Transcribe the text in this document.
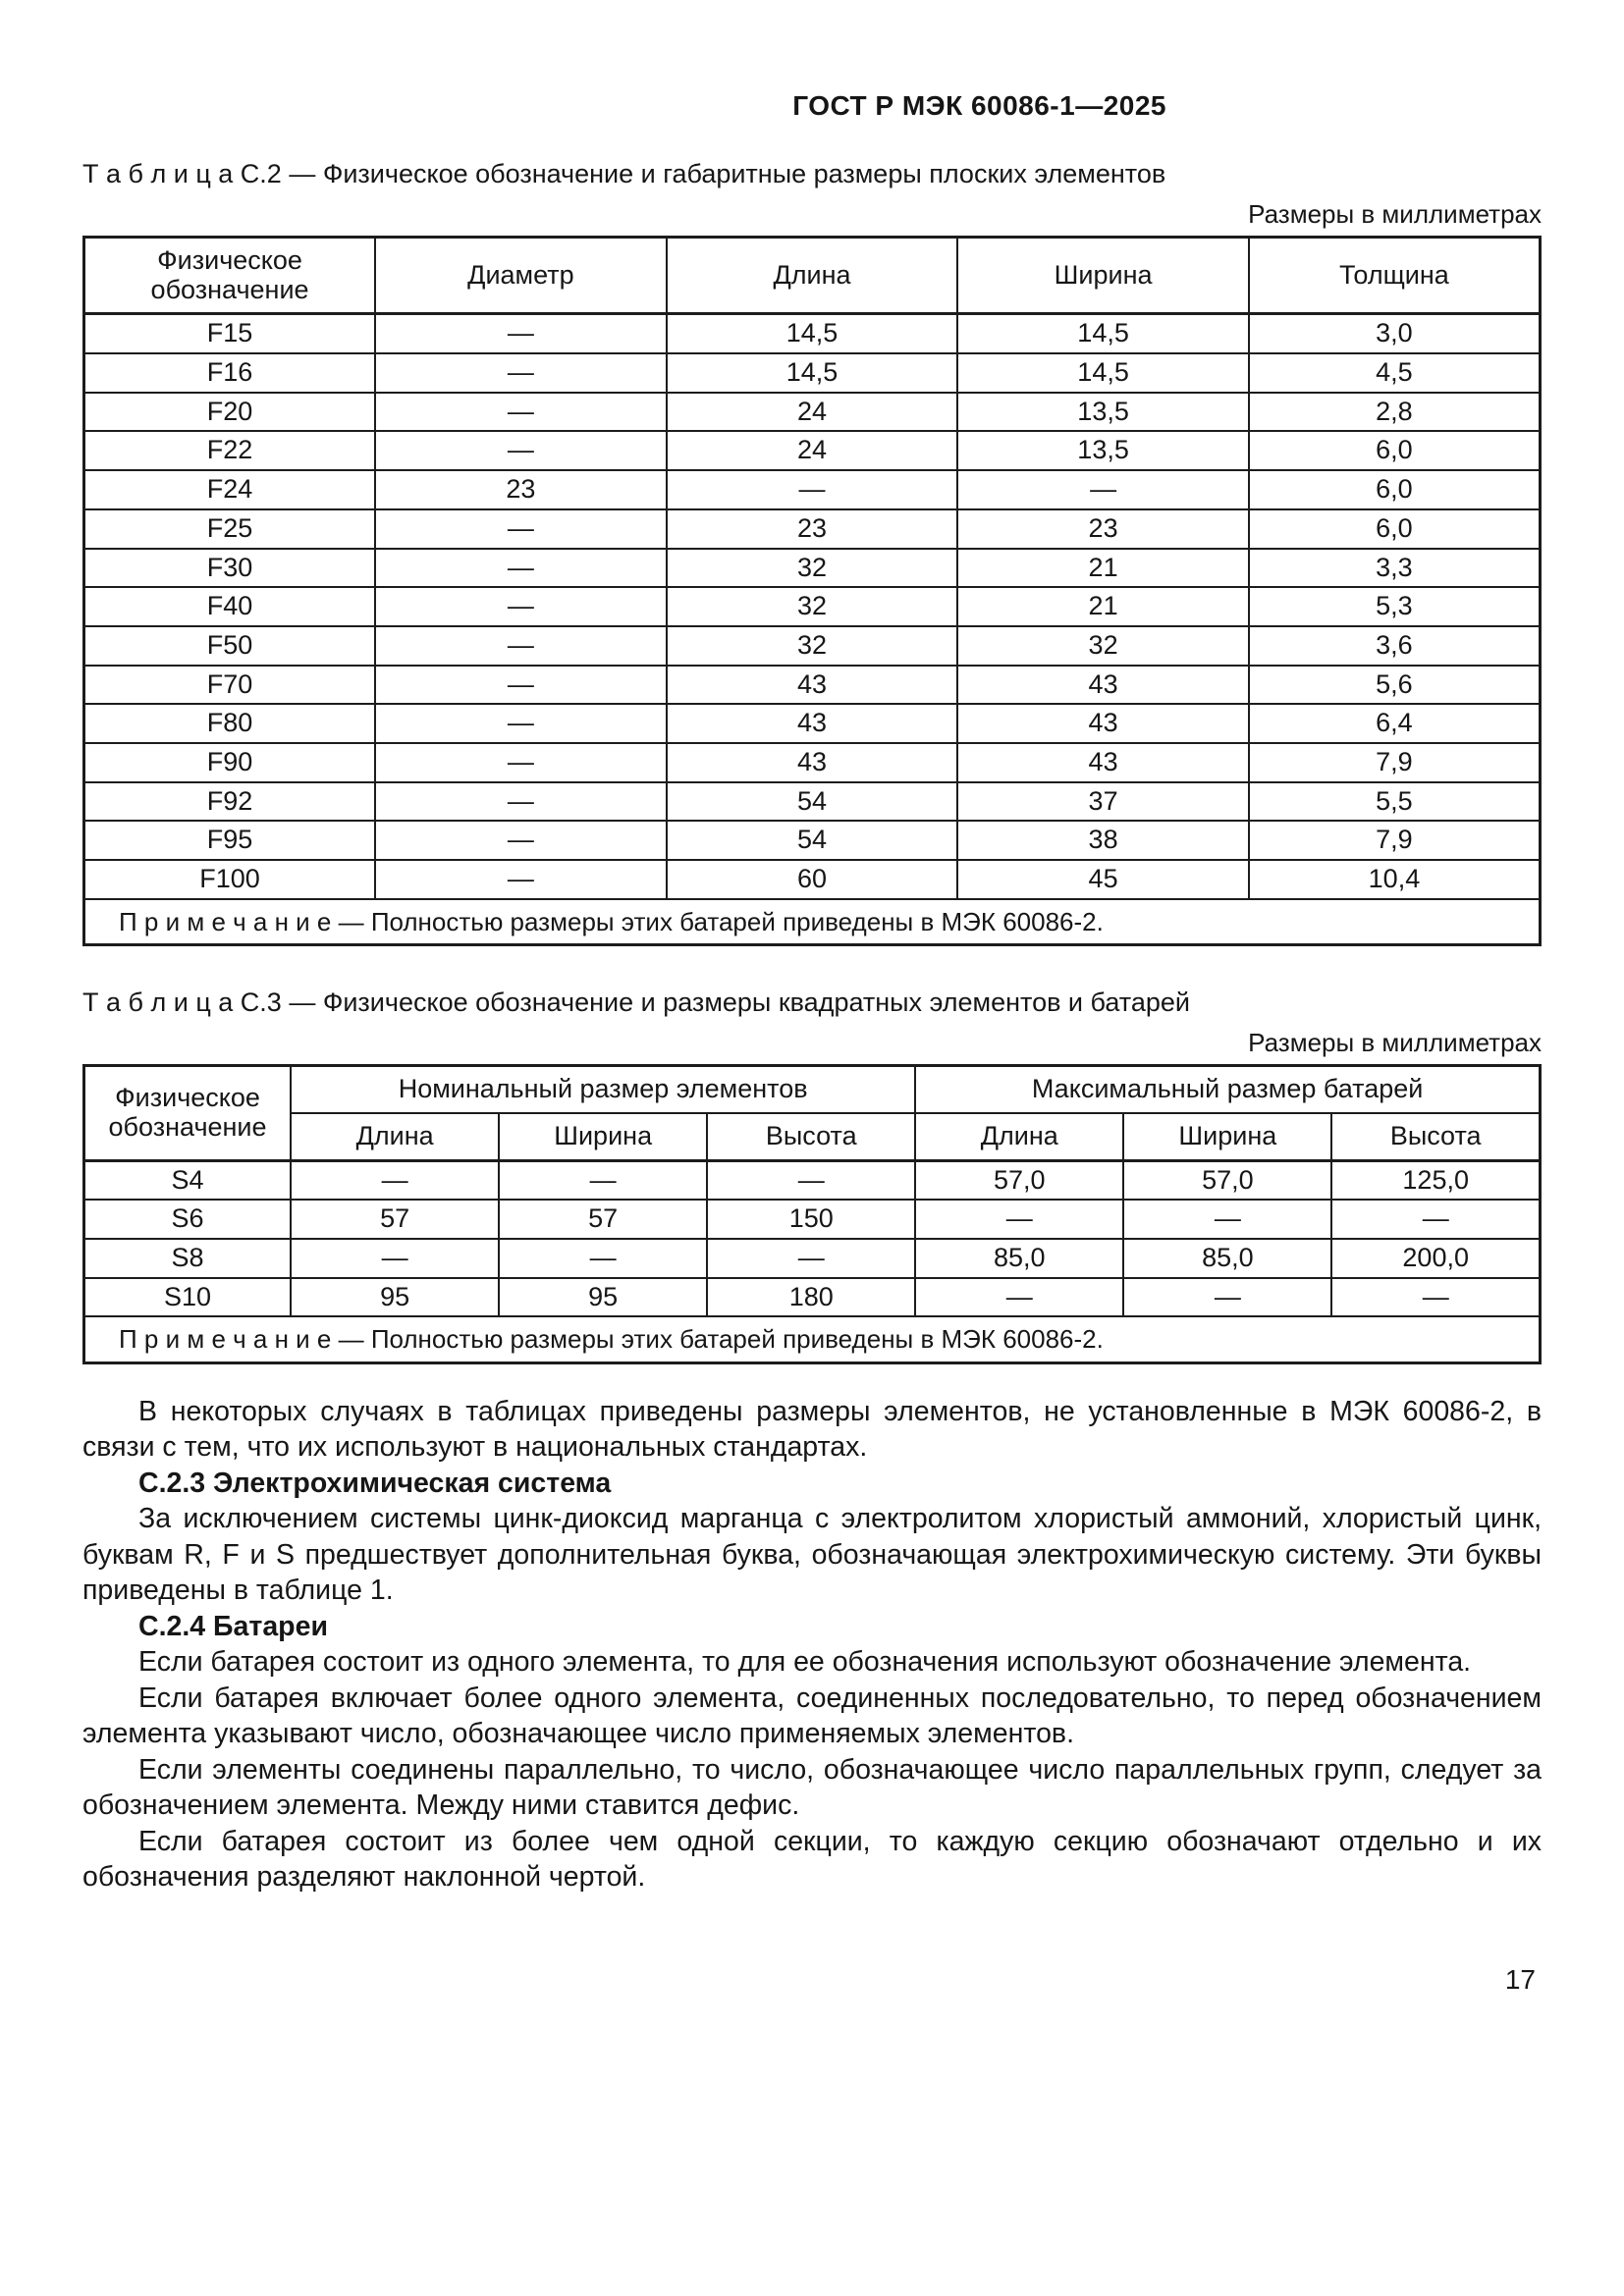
ГОСТ Р МЭК 60086-1—2025
Т а б л и ц а С.2 — Физическое обозначение и габаритные размеры плоских элементов
Размеры в миллиметрах
Физическое обозначение	Диаметр	Длина	Ширина	Толщина
F15	—	14,5	14,5	3,0
F16	—	14,5	14,5	4,5
F20	—	24	13,5	2,8
F22	—	24	13,5	6,0
F24	23	—	—	6,0
F25	—	23	23	6,0
F30	—	32	21	3,3
F40	—	32	21	5,3
F50	—	32	32	3,6
F70	—	43	43	5,6
F80	—	43	43	6,4
F90	—	43	43	7,9
F92	—	54	37	5,5
F95	—	54	38	7,9
F100	—	60	45	10,4
П р и м е ч а н и е — Полностью размеры этих батарей приведены в МЭК 60086-2.				
Т а б л и ц а С.3 — Физическое обозначение и размеры квадратных элементов и батарей
Размеры в миллиметрах
Физическое обозначение	Номинальный размер элементов			Максимальный размер батарей		
	Длина	Ширина	Высота	Длина	Ширина	Высота
S4	—	—	—	57,0	57,0	125,0
S6	57	57	150	—	—	—
S8	—	—	—	85,0	85,0	200,0
S10	95	95	180	—	—	—
П р и м е ч а н и е — Полностью размеры этих батарей приведены в МЭК 60086-2.						

В некоторых случаях в таблицах приведены размеры элементов, не установленные в МЭК 60086-2, в связи с тем, что их используют в национальных стандартах.

С.2.3 Электрохимическая система

За исключением системы цинк-диоксид марганца с электролитом хлористый аммоний, хлористый цинк, буквам R, F и S предшествует дополнительная буква, обозначающая электрохимическую систему. Эти буквы приведены в таблице 1.

С.2.4 Батареи

Если батарея состоит из одного элемента, то для ее обозначения используют обозначение элемента.

Если батарея включает более одного элемента, соединенных последовательно, то перед обозначением элемента указывают число, обозначающее число применяемых элементов.

Если элементы соединены параллельно, то число, обозначающее число параллельных групп, следует за обозначением элемента. Между ними ставится дефис.

Если батарея состоит из более чем одной секции, то каждую секцию обозначают отдельно и их обозначения разделяют наклонной чертой.

17
